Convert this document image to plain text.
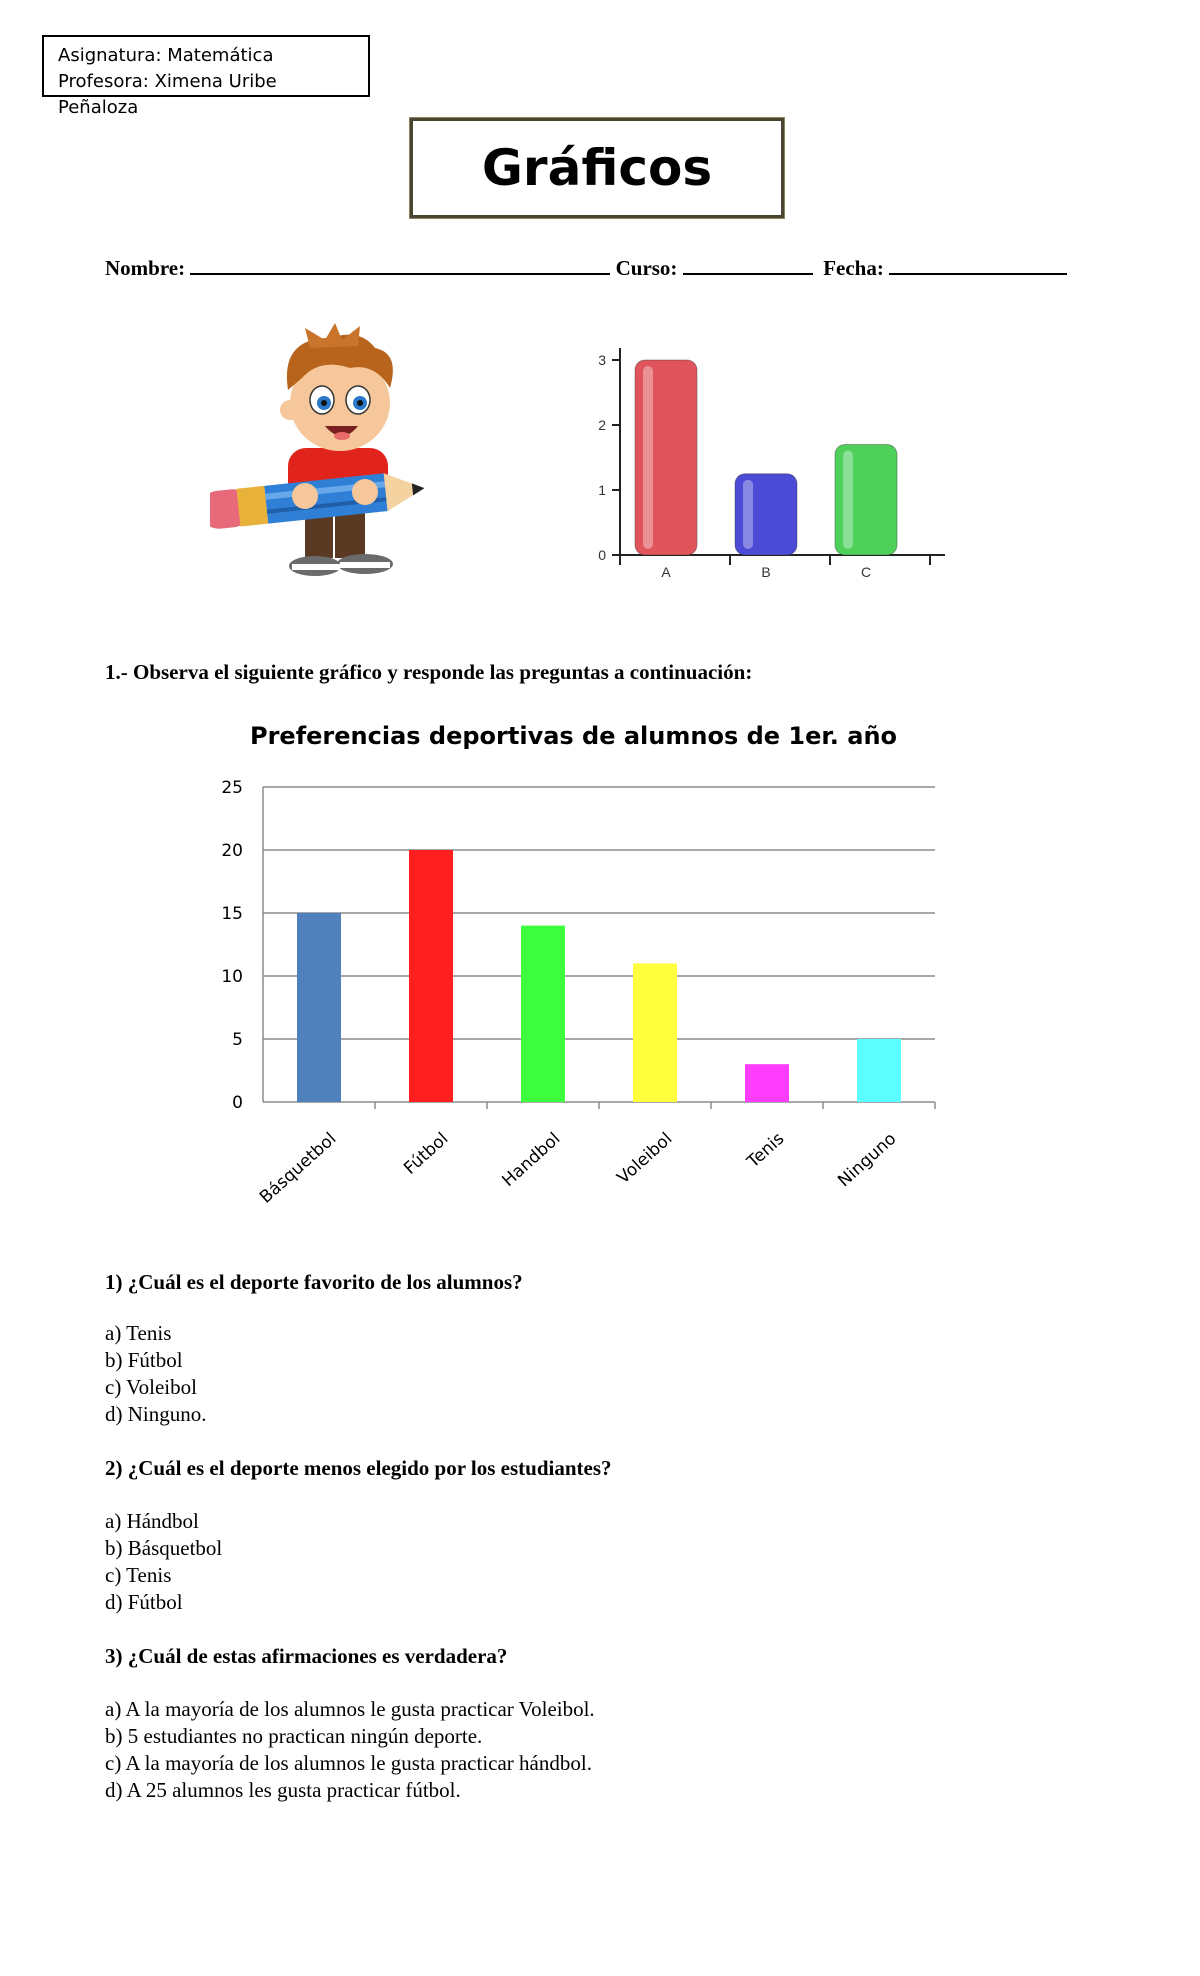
Asignatura: Matemática
Profesora: Ximena Uribe Peñaloza
Gráficos
Nombre:	Curso:	Fecha:
0
1
2
3
A	B	C
1.- Observa el siguiente gráfico y responde las preguntas a continuación:
Preferencias deportivas de alumnos de 1er. año
0
5
10
15
20
25
Básquetbol	Fútbol	Handbol	Voleibol	Tenis	Ninguno
1) ¿Cuál es el deporte favorito de los alumnos?
a) Tenis
b) Fútbol
c) Voleibol
d) Ninguno.
2) ¿Cuál es el deporte menos elegido por los estudiantes?
a) Hándbol
b) Básquetbol
c) Tenis
d) Fútbol
3) ¿Cuál de estas afirmaciones es verdadera?
a) A la mayoría de los alumnos le gusta practicar Voleibol.
b) 5 estudiantes no practican ningún deporte.
c) A la mayoría de los alumnos le gusta practicar hándbol.
d) A 25 alumnos les gusta practicar fútbol.
